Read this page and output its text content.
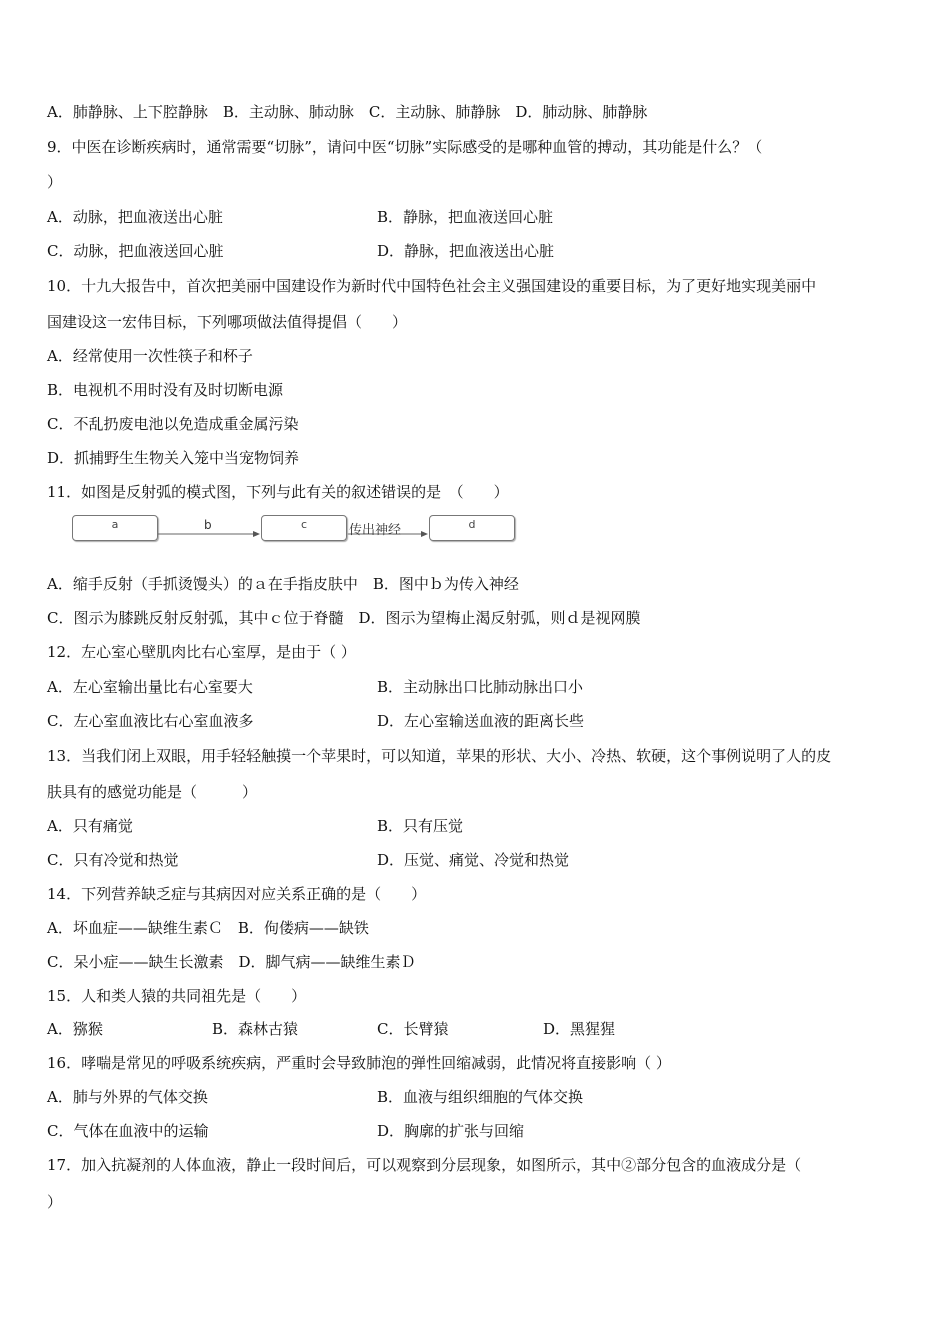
A．肺静脉、上下腔静脉　B．主动脉、肺动脉　C．主动脉、肺静脉　D．肺动脉、肺静脉
9．中医在诊断疾病时，通常需要“切脉”，请问中医“切脉”实际感受的是哪种血管的搏动，其功能是什么？（
）
A．动脉，把血液送出心脏	B．静脉，把血液送回心脏
C．动脉，把血液送回心脏	D．静脉，把血液送出心脏
10．十九大报告中，首次把美丽中国建设作为新时代中国特色社会主义强国建设的重要目标，为了更好地实现美丽中
国建设这一宏伟目标，下列哪项做法值得提倡（　　）
A．经常使用一次性筷子和杯子
B．电视机不用时没有及时切断电源
C．不乱扔废电池以免造成重金属污染
D．抓捕野生生物关入笼中当宠物饲养
11．如图是反射弧的模式图，下列与此有关的叙述错误的是　（　　）
a	b	c	传出神经	d
A．缩手反射（手抓烫馒头）的ａ在手指皮肤中　B．图中ｂ为传入神经
C．图示为膝跳反射反射弧，其中ｃ位于脊髓　D．图示为望梅止渴反射弧，则ｄ是视网膜
12．左心室心壁肌肉比右心室厚，是由于（ ）
A．左心室输出量比右心室要大	B．主动脉出口比肺动脉出口小
C．左心室血液比右心室血液多	D．左心室输送血液的距离长些
13．当我们闭上双眼，用手轻轻触摸一个苹果时，可以知道，苹果的形状、大小、冷热、软硬，这个事例说明了人的皮
肤具有的感觉功能是（　　　）
A．只有痛觉	B．只有压觉
C．只有冷觉和热觉	D．压觉、痛觉、冷觉和热觉
14．下列营养缺乏症与其病因对应关系正确的是（　　）
A．坏血症——缺维生素Ｃ　B．佝偻病——缺铁
C．呆小症——缺生长激素　D．脚气病——缺维生素Ｄ
15．人和类人猿的共同祖先是（　　）
A．猕猴	B．森林古猿	C．长臂猿	D．黑猩猩
16．哮喘是常见的呼吸系统疾病，严重时会导致肺泡的弹性回缩减弱，此情况将直接影响（ ）
A．肺与外界的气体交换	B．血液与组织细胞的气体交换
C．气体在血液中的运输	D．胸廓的扩张与回缩
17．加入抗凝剂的人体血液，静止一段时间后，可以观察到分层现象，如图所示，其中②部分包含的血液成分是（
）
